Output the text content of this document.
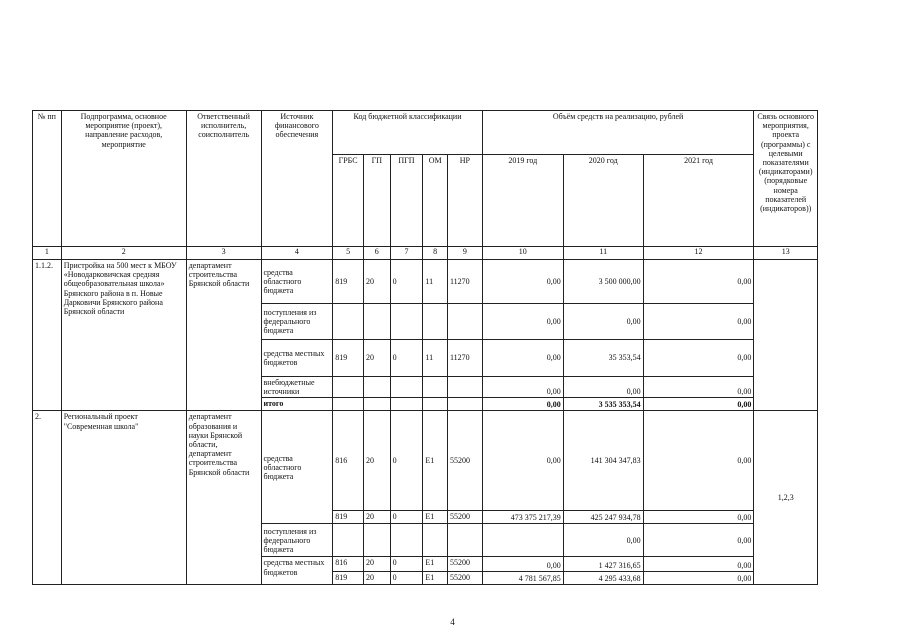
№ пп	Подпрограмма, основное мероприятие (проект), направление расходов, мероприятие	Ответственный исполнитель, соисполнитель	Источник финансового обеспечения	Код бюджетной классификации					Объём средств на реализацию, рублей			Связь основного мероприятия, проекта (программы) с целевыми показателями (индикаторами) (порядковые номера показателей (индикаторов))
				ГРБС	ГП	ПГП	ОМ	НР	2019 год	2020 год	2021 год	
1	2	3	4	5	6	7	8	9	10	11	12	13
1.1.2.	Пристройка на 500 мест к МБОУ «Новодарковичская средняя общеобразовательная школа» Брянского района в п. Новые Дарковичи Брянского района Брянской области	департамент строительства Брянской области	средства областного бюджета	819	20	0	11	11270	0,00	3 500 000,00	0,00	
			поступления из федерального бюджета						0,00	0,00	0,00	
			средства местных бюджетов	819	20	0	11	11270	0,00	35 353,54	0,00	
			внебюджетные источники						0,00	0,00	0,00	
			итого						0,00	3 535 353,54	0,00	
2.	Региональный проект "Современная школа"	департамент образования и науки Брянской области, департамент строительства Брянской области	средства областного бюджета	816	20	0	E1	55200	0,00	141 304 347,83	0,00	1,2,3
				819	20	0	E1	55200	473 375 217,39	425 247 934,78	0,00	
			поступления из федерального бюджета							0,00	0,00	
			средства местных бюджетов	816	20	0	E1	55200	0,00	1 427 316,65	0,00	
				819	20	0	E1	55200	4 781 567,85	4 295 433,68	0,00	
4
